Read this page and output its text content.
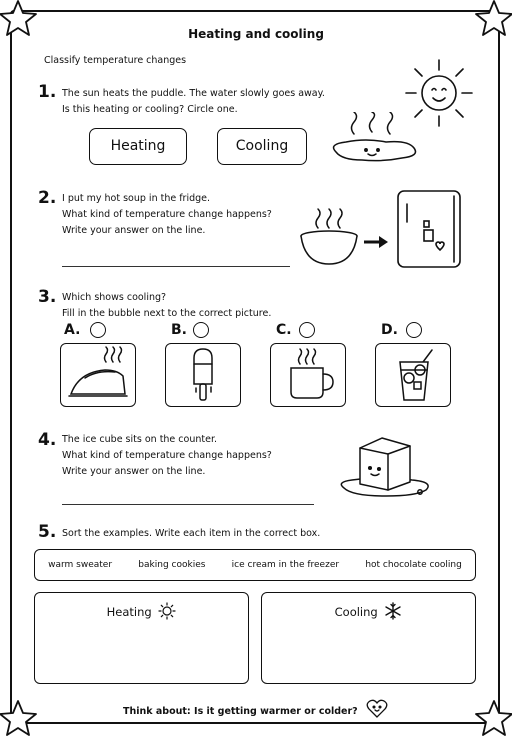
Heating and cooling
Classify temperature changes
1. The sun heats the puddle. The water slowly goes away.
Is this heating or cooling? Circle one.
Heating	Cooling
2. I put my hot soup in the fridge.
What kind of temperature change happens?
Write your answer on the line.
3. Which shows cooling?
Fill in the bubble next to the correct picture.
A.	B.	C.	D.
4. The ice cube sits on the counter.
What kind of temperature change happens?
Write your answer on the line.
5. Sort the examples. Write each item in the correct box.
warm sweater	baking cookies	ice cream in the freezer	hot chocolate cooling
Heating	Cooling
Think about: Is it getting warmer or colder?
